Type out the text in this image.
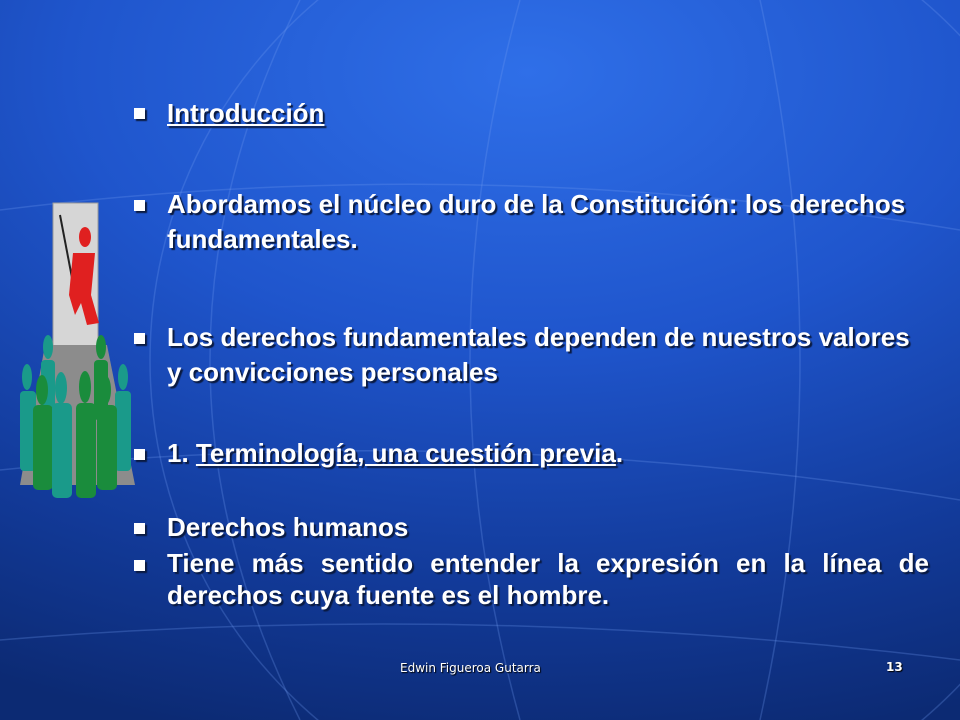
Introducción
Abordamos el núcleo duro de la Constitución: los derechos fundamentales.
Los derechos fundamentales dependen de nuestros valores y convicciones personales
1. Terminología, una cuestión previa.
Derechos humanos
Tiene más sentido entender la expresión en la línea de derechos cuya fuente es el hombre.
Edwin Figueroa Gutarra	13
